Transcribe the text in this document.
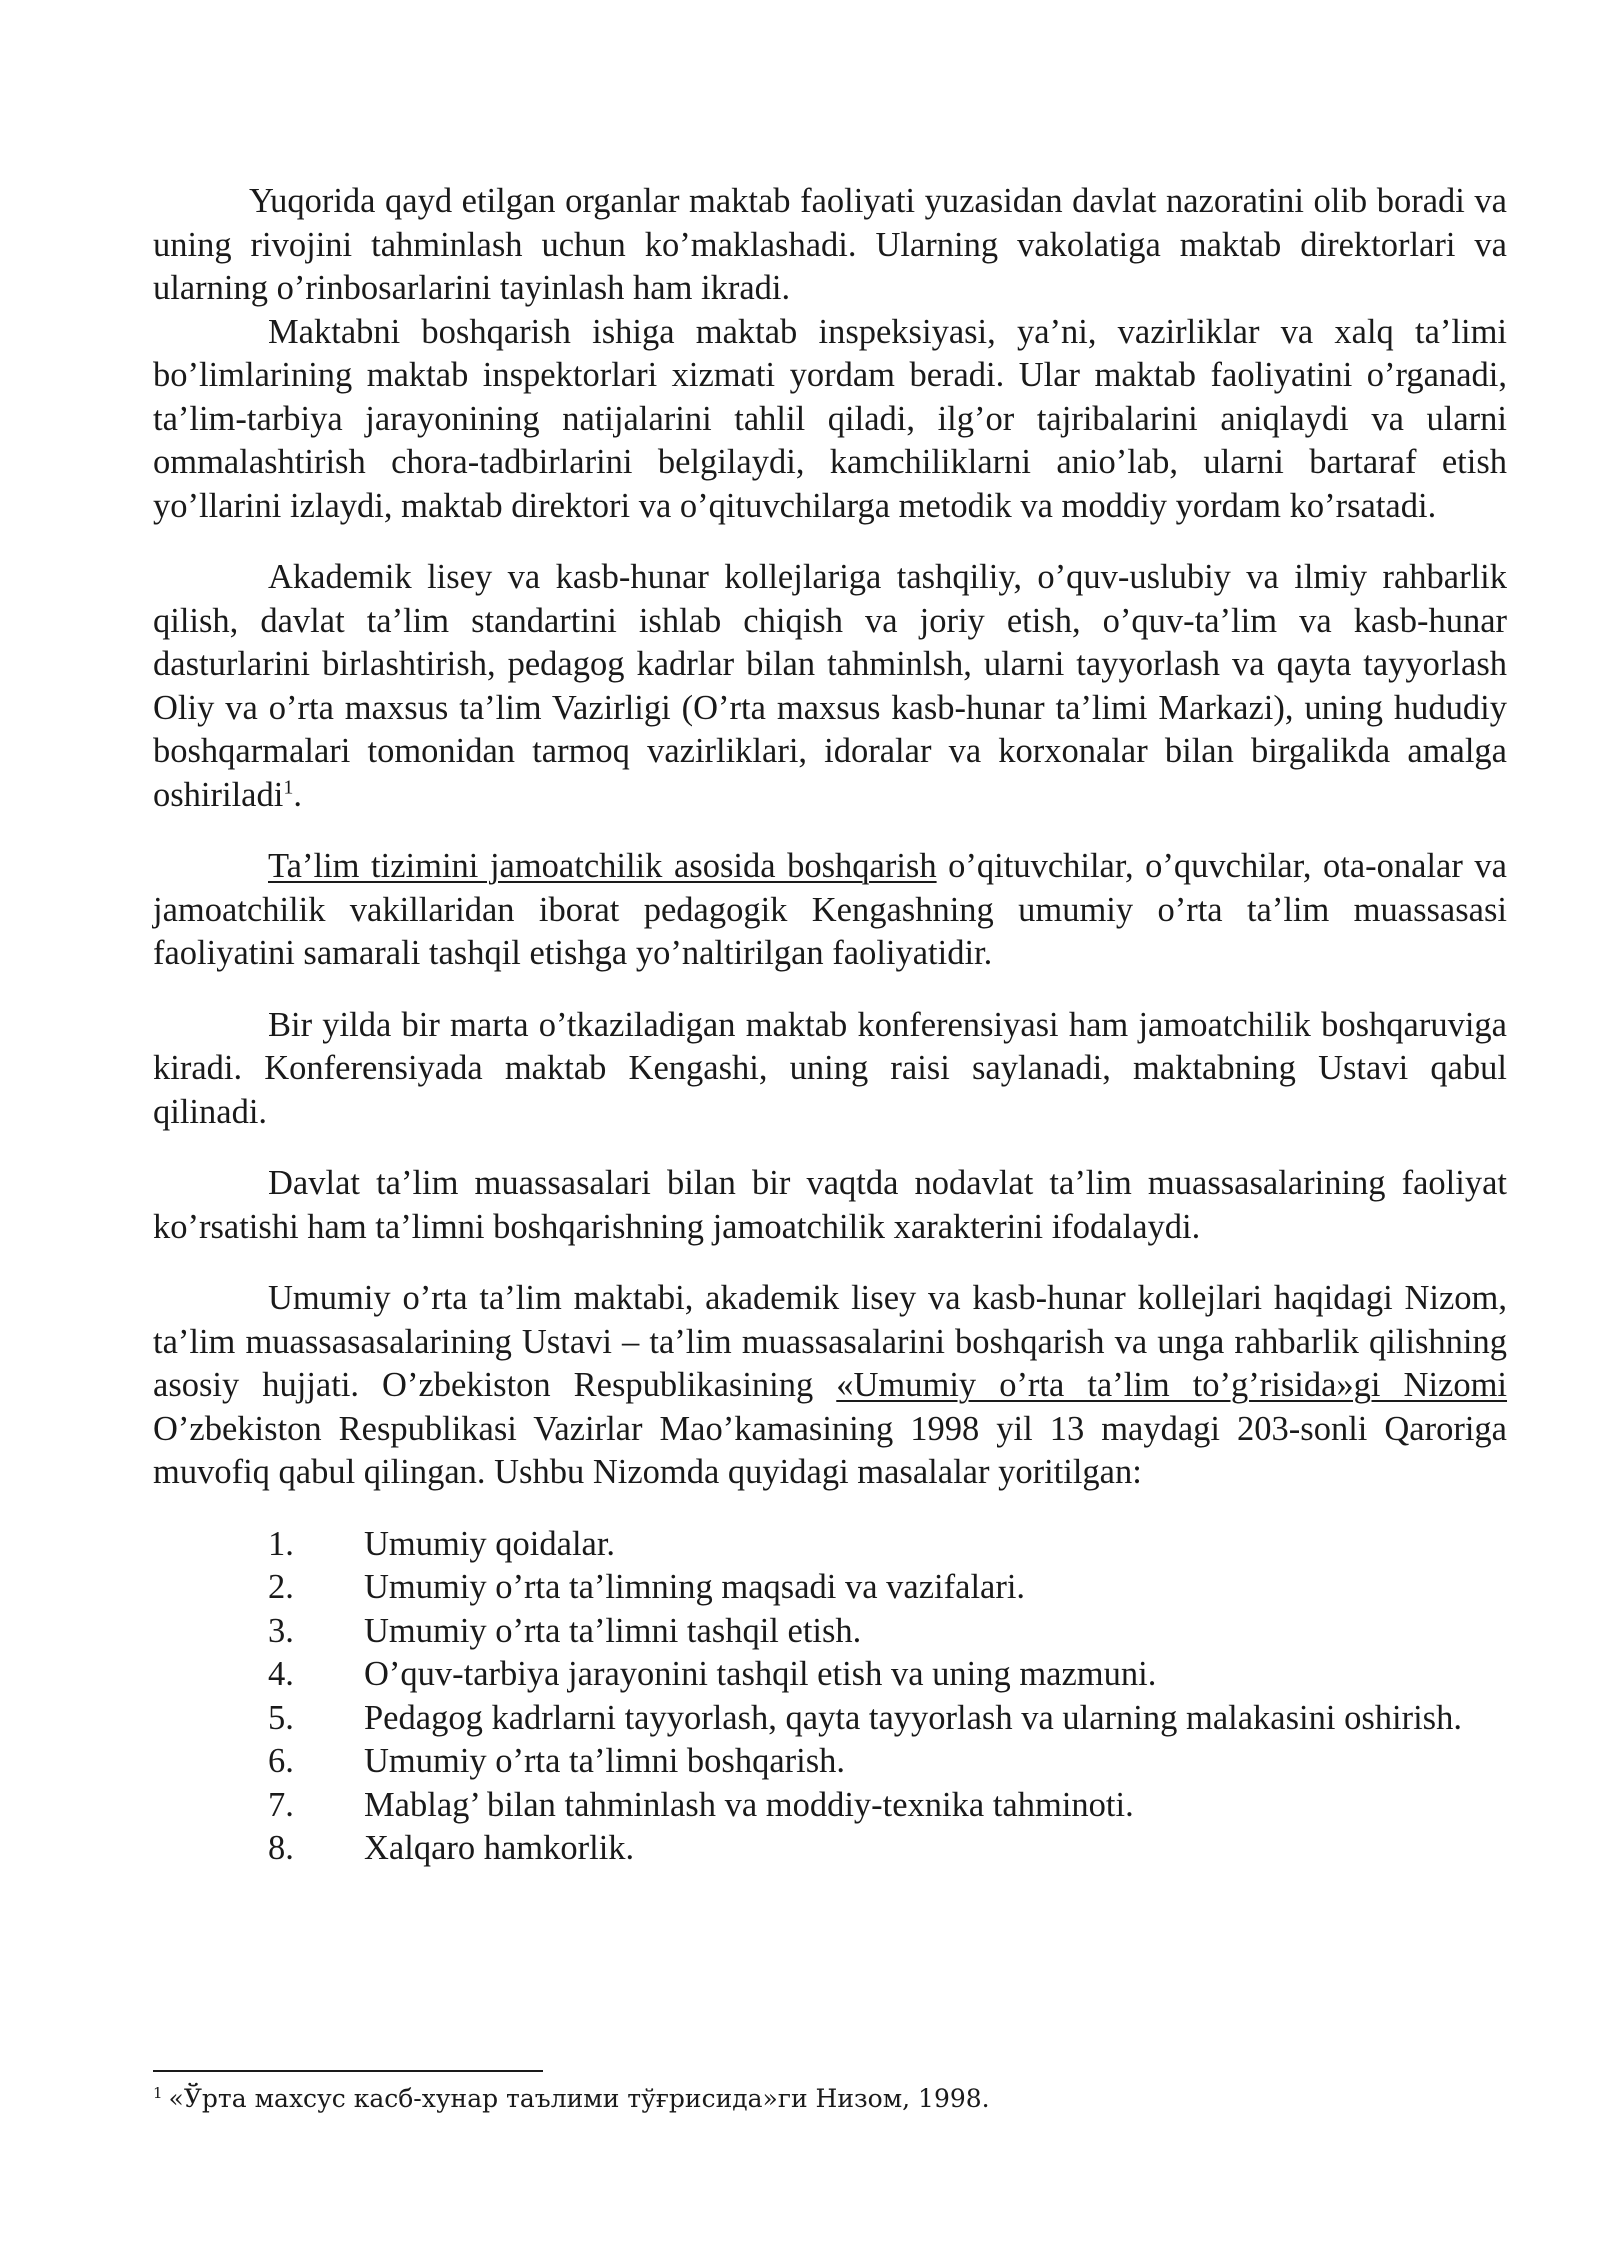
Yuqorida qayd etilgan organlar maktab faoliyati yuzasidan davlat nazoratini olib boradi va uning rivojini tahminlash uchun ko’maklashadi. Ularning vakolatiga maktab direktorlari va ularning o’rinbosarlarini tayinlash ham ikradi.

Maktabni boshqarish ishiga maktab inspeksiyasi, ya’ni, vazirliklar va xalq ta’limi bo’limlarining maktab inspektorlari xizmati yordam beradi. Ular maktab faoliyatini o’rganadi, ta’lim-tarbiya jarayonining natijalarini tahlil qiladi, ilg’or tajribalarini aniqlaydi va ularni ommalashtirish chora-tadbirlarini belgilaydi, kamchiliklarni anio’lab, ularni bartaraf etish yo’llarini izlaydi, maktab direktori va o’qituvchilarga metodik va moddiy yordam ko’rsatadi.

Akademik lisey va kasb-hunar kollejlariga tashqiliy, o’quv-uslubiy va ilmiy rahbarlik qilish, davlat ta’lim standartini ishlab chiqish va joriy etish, o’quv-ta’lim va kasb-hunar dasturlarini birlashtirish, pedagog kadrlar bilan tahminlsh, ularni tayyorlash va qayta tayyorlash Oliy va o’rta maxsus ta’lim Vazirligi (O’rta maxsus kasb-hunar ta’limi Markazi), uning hududiy boshqarmalari tomonidan tarmoq vazirliklari, idoralar va korxonalar bilan birgalikda amalga oshiriladi$^1$.

Ta’lim tizimini jamoatchilik asosida boshqarish o’qituvchilar, o’quvchilar, ota-onalar va jamoatchilik vakillaridan iborat pedagogik Kengashning umumiy o’rta ta’lim muassasasi faoliyatini samarali tashqil etishga yo’naltirilgan faoliyatidir.

Bir yilda bir marta o’tkaziladigan maktab konferensiyasi ham jamoatchilik boshqaruviga kiradi. Konferensiyada maktab Kengashi, uning raisi saylanadi, maktabning Ustavi qabul qilinadi.

Davlat ta’lim muassasalari bilan bir vaqtda nodavlat ta’lim muassasalarining faoliyat ko’rsatishi ham ta’limni boshqarishning jamoatchilik xarakterini ifodalaydi.

Umumiy o’rta ta’lim maktabi, akademik lisey va kasb-hunar kollejlari haqidagi Nizom, ta’lim muassasasalarining Ustavi – ta’lim muassasalarini boshqarish va unga rahbarlik qilishning asosiy hujjati. O’zbekiston Respublikasining «Umumiy o’rta ta’lim to’g’risida»gi Nizomi O’zbekiston Respublikasi Vazirlar Mao’kamasining 1998 yil 13 maydagi 203-sonli Qaroriga muvofiq qabul qilingan. Ushbu Nizomda quyidagi masalalar yoritilgan:

1. Umumiy qoidalar.
2. Umumiy o’rta ta’limning maqsadi va vazifalari.
3. Umumiy o’rta ta’limni tashqil etish.
4. O’quv-tarbiya jarayonini tashqil etish va uning mazmuni.
5. Pedagog kadrlarni tayyorlash, qayta tayyorlash va ularning malakasini oshirish.
6. Umumiy o’rta ta’limni boshqarish.
7. Mablag’ bilan tahminlash va moddiy-texnika tahminoti.
8. Xalqaro hamkorlik.
$^1$ «Ўрта махсус касб-хунар таълими тўғрисида»ги Низом, 1998.
